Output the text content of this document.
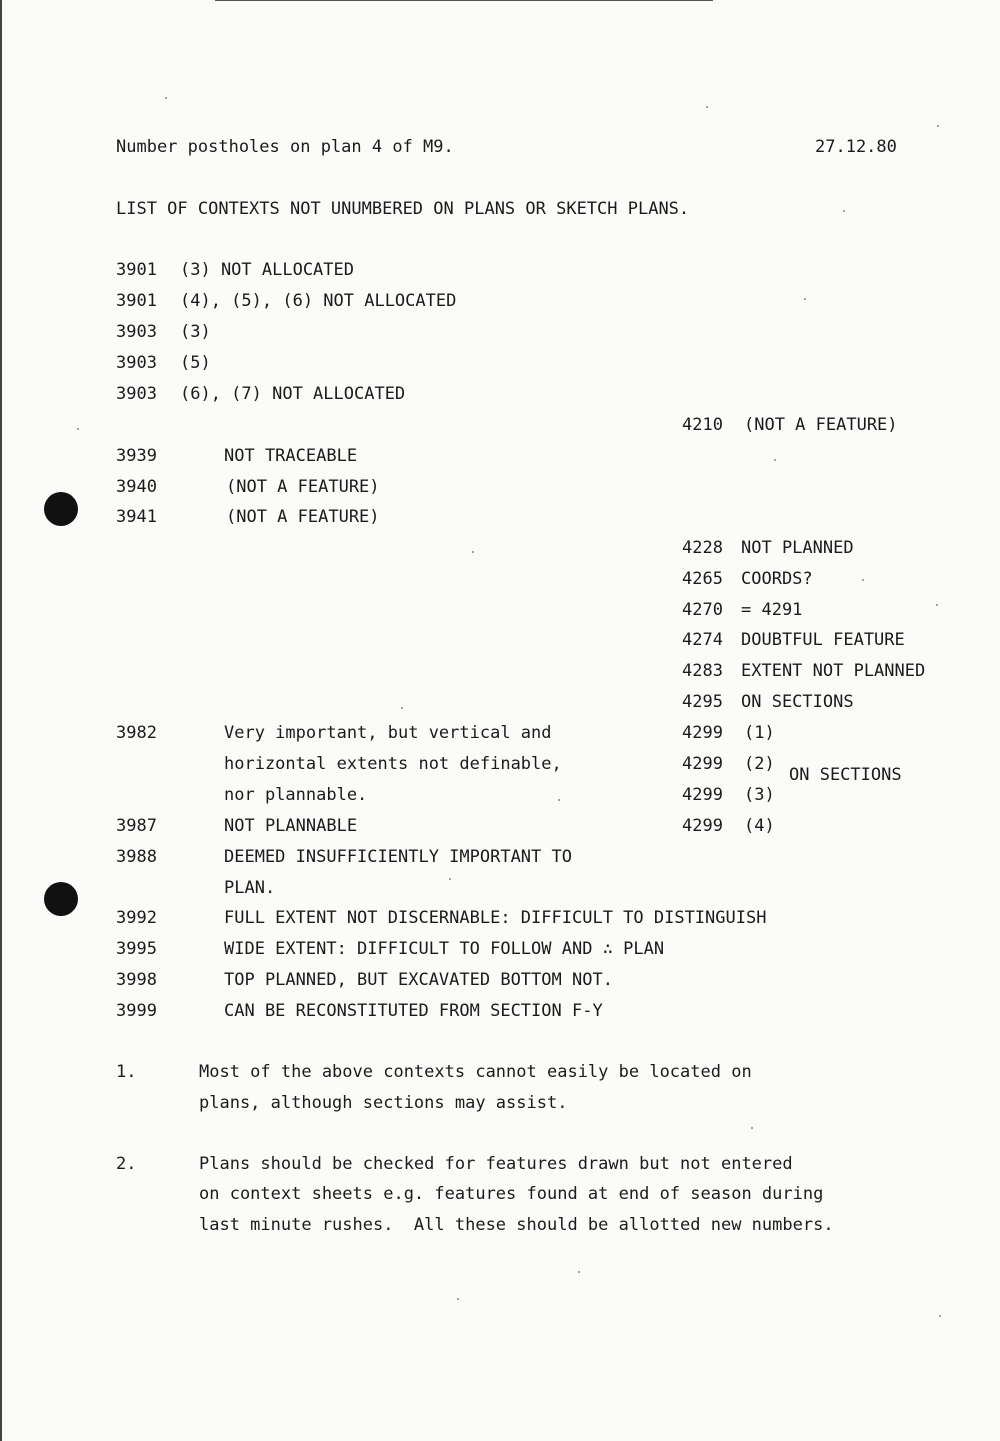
Number postholes on plan 4 of M9.	27.12.80
LIST OF CONTEXTS NOT UNUMBERED ON PLANS OR SKETCH PLANS.
3901 (3) NOT ALLOCATED
3901 (4), (5), (6) NOT ALLOCATED
3903 (3)
3903 (5)
3903 (6), (7) NOT ALLOCATED
3939	NOT TRACEABLE
3940	(NOT A FEATURE)
3941	(NOT A FEATURE)
3982	Very important, but vertical and
horizontal extents not definable,
nor plannable.
3987	NOT PLANNABLE
3988	DEEMED INSUFFICIENTLY IMPORTANT TO
PLAN.
3992	FULL EXTENT NOT DISCERNABLE: DIFFICULT TO DISTINGUISH
3995	WIDE EXTENT: DIFFICULT TO FOLLOW AND ∴ PLAN
3998	TOP PLANNED, BUT EXCAVATED BOTTOM NOT.
3999	CAN BE RECONSTITUTED FROM SECTION F-Y
4210 (NOT A FEATURE)
4228 NOT PLANNED
4265 COORDS?
4270 = 4291
4274 DOUBTFUL FEATURE
4283 EXTENT NOT PLANNED
4295 ON SECTIONS
4299 (1)
4299 (2)
4299 (3)
4299 (4)
ON SECTIONS
1.	Most of the above contexts cannot easily be located on
plans, although sections may assist.
2.	Plans should be checked for features drawn but not entered
on context sheets e.g. features found at end of season during
last minute rushes.  All these should be allotted new numbers.
